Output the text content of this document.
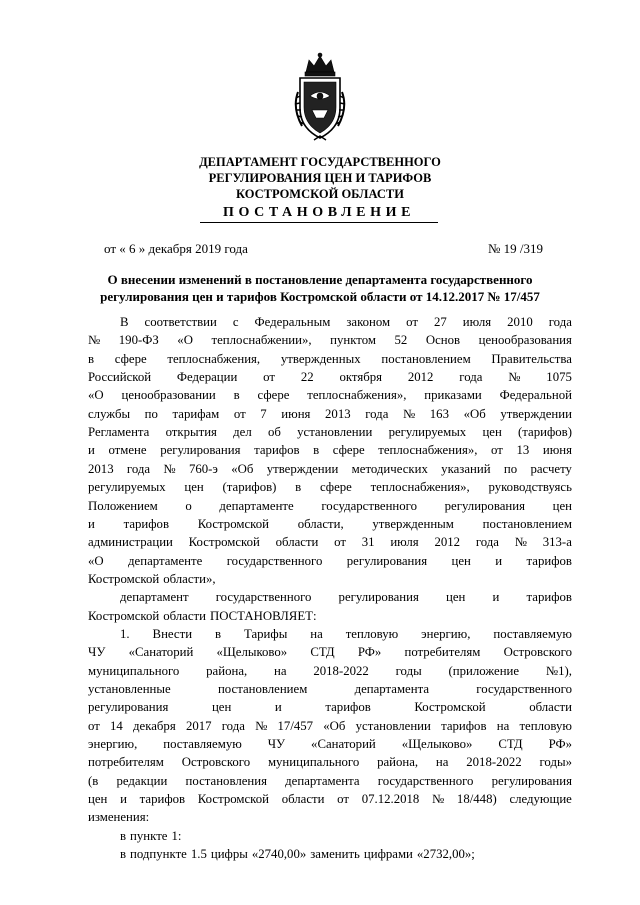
ДЕПАРТАМЕНТ ГОСУДАРСТВЕННОГО
РЕГУЛИРОВАНИЯ ЦЕН И ТАРИФОВ
КОСТРОМСКОЙ ОБЛАСТИ
ПОСТАНОВЛЕНИЕ
от « 6 » декабря 2019 года	№ 19 /319
О внесении изменений в постановление департамента государственного
регулирования цен и тарифов Костромской области от 14.12.2017 № 17/457
В соответствии с Федеральным законом от 27 июля 2010 года
№ 190-ФЗ «О теплоснабжении», пунктом 52 Основ ценообразования
в сфере теплоснабжения, утвержденных постановлением Правительства
Российской Федерации от 22 октября 2012 года № 1075
«О ценообразовании в сфере теплоснабжения», приказами Федеральной
службы по тарифам от 7 июня 2013 года № 163 «Об утверждении
Регламента открытия дел об установлении регулируемых цен (тарифов)
и отмене регулирования тарифов в сфере теплоснабжения», от 13 июня
2013 года № 760-э «Об утверждении методических указаний по расчету
регулируемых цен (тарифов) в сфере теплоснабжения», руководствуясь
Положением о департаменте государственного регулирования цен
и тарифов Костромской области, утвержденным постановлением
администрации Костромской области от 31 июля 2012 года № 313-а
«О департаменте государственного регулирования цен и тарифов
Костромской области»,
департамент государственного регулирования цен и тарифов
Костромской области ПОСТАНОВЛЯЕТ:
1. Внести в Тарифы на тепловую энергию, поставляемую
ЧУ «Санаторий «Щелыково» СТД РФ» потребителям Островского
муниципального района, на 2018-2022 годы (приложение №1),
установленные	постановлением	департамента	государственного
регулирования	цен	и	тарифов	Костромской	области
от 14 декабря 2017 года № 17/457 «Об установлении тарифов на тепловую
энергию, поставляемую ЧУ «Санаторий «Щелыково» СТД РФ»
потребителям Островского муниципального района, на 2018-2022 годы»
(в редакции постановления департамента государственного регулирования
цен и тарифов Костромской области от 07.12.2018 № 18/448) следующие
изменения:
в пункте 1:
в подпункте 1.5 цифры «2740,00» заменить цифрами «2732,00»;
